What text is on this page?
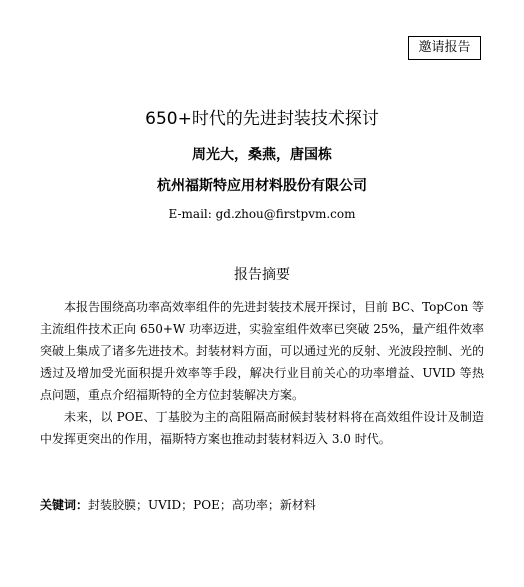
邀请报告
650+时代的先进封装技术探讨
周光大，桑燕，唐国栋
杭州福斯特应用材料股份有限公司
E-mail: gd.zhou@firstpvm.com
报告摘要

本报告围绕高功率高效率组件的先进封装技术展开探讨，目前 BC、TopCon 等主流组件技术正向 650+W 功率迈进，实验室组件效率已突破 25%，量产组件效率突破上集成了诸多先进技术。封装材料方面，可以通过光的反射、光波段控制、光的透过及增加受光面积提升效率等手段，解决行业目前关心的功率增益、UVID 等热点问题，重点介绍福斯特的全方位封装解决方案。

未来，以 POE、丁基胶为主的高阻隔高耐候封装材料将在高效组件设计及制造中发挥更突出的作用，福斯特方案也推动封装材料迈入 3.0 时代。

关键词：封装胶膜；UVID；POE；高功率；新材料
